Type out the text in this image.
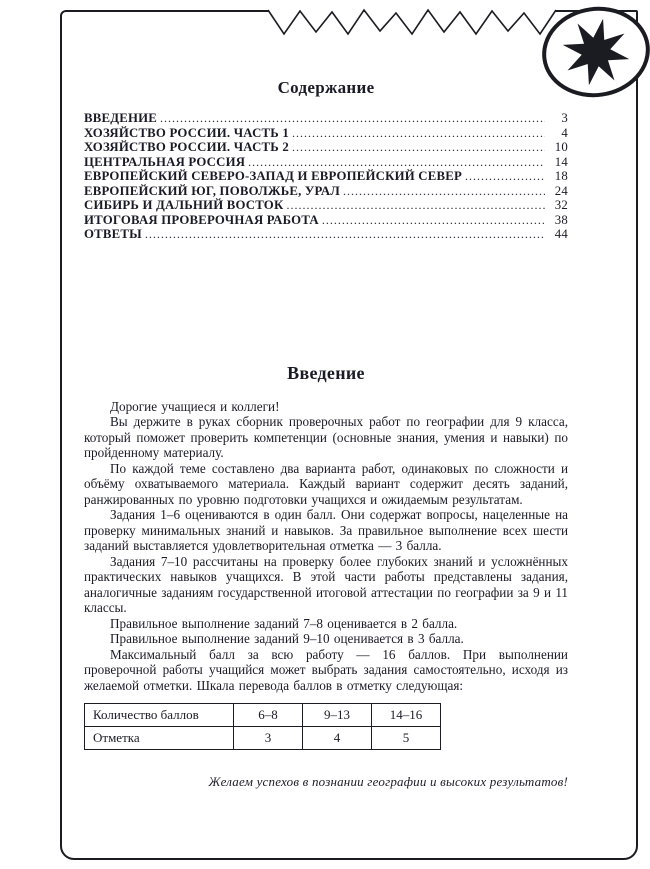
Содержание
ВВЕДЕНИЕ .....	3
ХОЗЯЙСТВО РОССИИ. ЧАСТЬ 1 .....	4
ХОЗЯЙСТВО РОССИИ. ЧАСТЬ 2 .....	10
ЦЕНТРАЛЬНАЯ РОССИЯ .....	14
ЕВРОПЕЙСКИЙ СЕВЕРО-ЗАПАД И ЕВРОПЕЙСКИЙ СЕВЕР .....	18
ЕВРОПЕЙСКИЙ ЮГ, ПОВОЛЖЬЕ, УРАЛ .....	24
СИБИРЬ И ДАЛЬНИЙ ВОСТОК .....	32
ИТОГОВАЯ ПРОВЕРОЧНАЯ РАБОТА .....	38
ОТВЕТЫ .....	44
Введение

Дорогие учащиеся и коллеги!

Вы держите в руках сборник проверочных работ по географии для 9 класса, который поможет проверить компетенции (основные знания, умения и навыки) по пройденному материалу.

По каждой теме составлено два варианта работ, одинаковых по сложности и объёму охватываемого материала. Каждый вариант содержит десять заданий, ранжированных по уровню подготовки учащихся и ожидаемым результатам.

Задания 1–6 оцениваются в один балл. Они содержат вопросы, нацеленные на проверку минимальных знаний и навыков. За правильное выполнение всех шести заданий выставляется удовлетворительная отметка — 3 балла.

Задания 7–10 рассчитаны на проверку более глубоких знаний и усложнённых практических навыков учащихся. В этой части работы представлены задания, аналогичные заданиям государственной итоговой аттестации по географии за 9 и 11 классы.

Правильное выполнение заданий 7–8 оценивается в 2 балла.

Правильное выполнение заданий 9–10 оценивается в 3 балла.

Максимальный балл за всю работу — 16 баллов. При выполнении проверочной работы учащийся может выбрать задания самостоятельно, исходя из желаемой отметки. Шкала перевода баллов в отметку следующая:

Количество баллов	6–8	9–13	14–16
Отметка	3	4	5
Желаем успехов в познании географии и высоких результатов!
